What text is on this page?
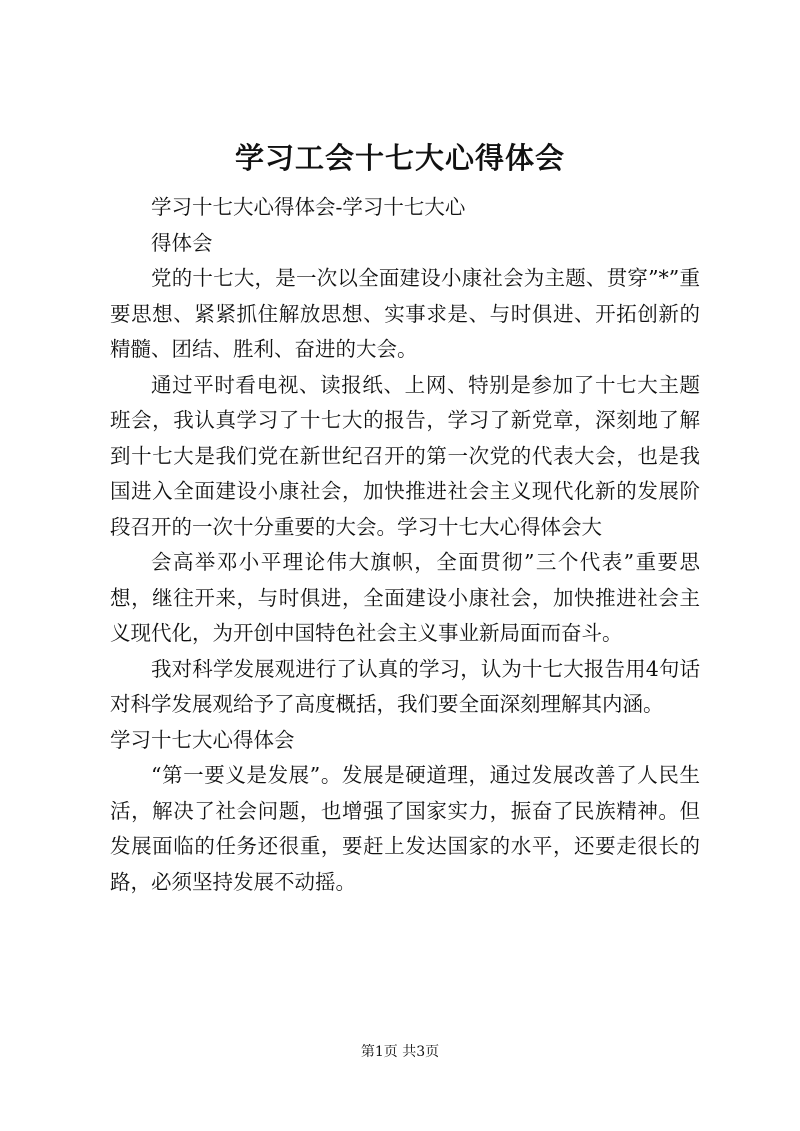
学习工会十七大心得体会

学习十七大心得体会-学习十七大心

得体会

党的十七大，是一次以全面建设小康社会为主题、贯穿”*”重要思想、紧紧抓住解放思想、实事求是、与时俱进、开拓创新的精髓、团结、胜利、奋进的大会。

通过平时看电视、读报纸、上网、特别是参加了十七大主题班会，我认真学习了十七大的报告，学习了新党章，深刻地了解到十七大是我们党在新世纪召开的第一次党的代表大会，也是我国进入全面建设小康社会，加快推进社会主义现代化新的发展阶段召开的一次十分重要的大会。学习十七大心得体会大

会高举邓小平理论伟大旗帜，全面贯彻”三个代表”重要思想，继往开来，与时俱进，全面建设小康社会，加快推进社会主义现代化，为开创中国特色社会主义事业新局面而奋斗。

我对科学发展观进行了认真的学习，认为十七大报告用4句话对科学发展观给予了高度概括，我们要全面深刻理解其内涵。

学习十七大心得体会

“第一要义是发展”。发展是硬道理，通过发展改善了人民生活，解决了社会问题，也增强了国家实力，振奋了民族精神。但发展面临的任务还很重，要赶上发达国家的水平，还要走很长的路，必须坚持发展不动摇。

第1页 共3页
